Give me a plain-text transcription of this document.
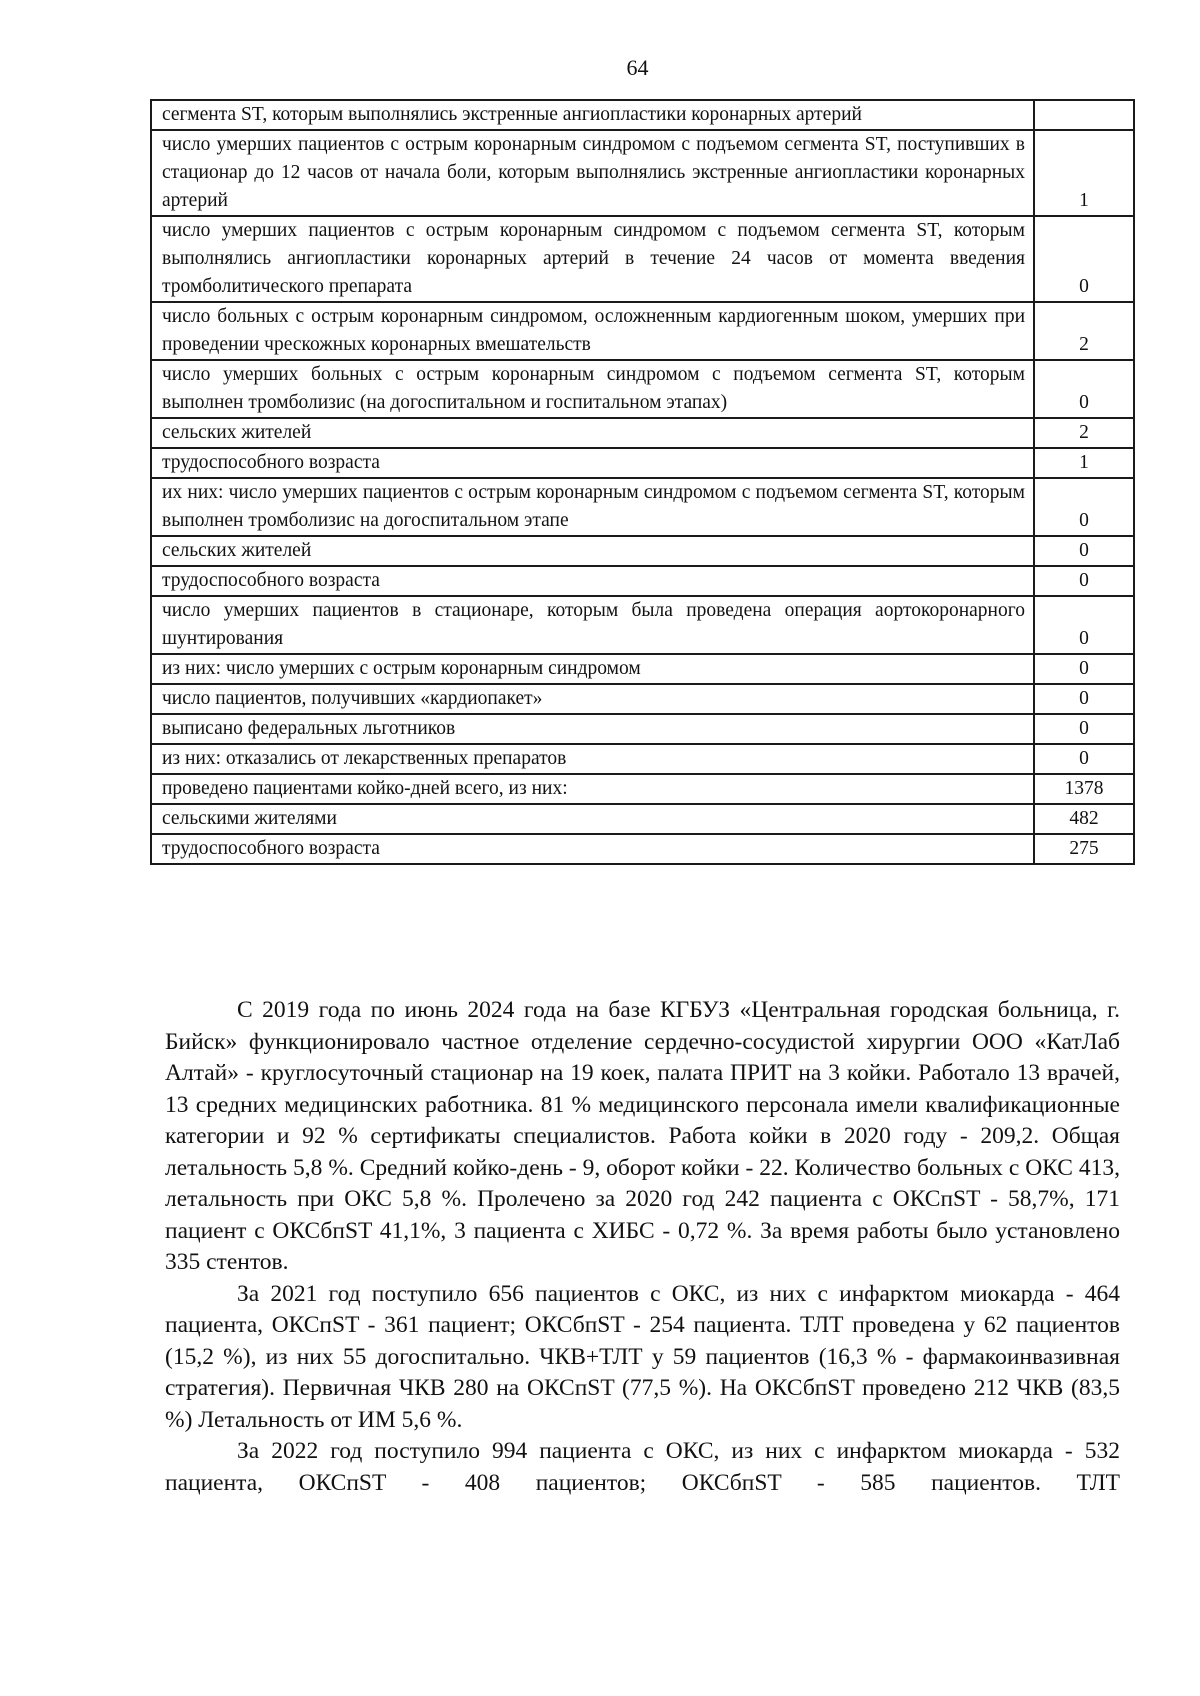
64
сегмента ST, которым выполнялись экстренные ангиопластики коронарных артерий	
число умерших пациентов с острым коронарным синдромом с подъемом сегмента ST, поступивших в стационар до 12 часов от начала боли, которым выполнялись экстренные ангиопластики коронарных артерий	1
число умерших пациентов с острым коронарным синдромом с подъемом сегмента ST, которым выполнялись ангиопластики коронарных артерий в течение 24 часов от момента введения тромболитического препарата	0
число больных с острым коронарным синдромом, осложненным кардиогенным шоком, умерших при проведении чрескожных коронарных вмешательств	2
число умерших больных с острым коронарным синдромом с подъемом сегмента ST, которым выполнен тромболизис (на догоспитальном и госпитальном этапах)	0
сельских жителей	2
трудоспособного возраста	1
их них: число умерших пациентов с острым коронарным синдромом с подъемом сегмента ST, которым выполнен тромболизис на догоспитальном этапе	0
сельских жителей	0
трудоспособного возраста	0
число умерших пациентов в стационаре, которым была проведена операция аортокоронарного шунтирования	0
из них: число умерших с острым коронарным синдромом	0
число пациентов, получивших «кардиопакет»	0
выписано федеральных льготников	0
из них: отказались от лекарственных препаратов	0
проведено пациентами койко-дней всего, из них:	1378
сельскими жителями	482
трудоспособного возраста	275

С 2019 года по июнь 2024 года на базе КГБУЗ «Центральная городская больница, г. Бийск» функционировало частное отделение сердечно-сосудистой хирургии ООО «КатЛаб Алтай» - круглосуточный стационар на 19 коек, палата ПРИТ на 3 койки. Работало 13 врачей, 13 средних медицинских работника. 81 % медицинского персонала имели квалификационные категории и 92 % сертификаты специалистов. Работа койки в 2020 году - 209,2. Общая летальность 5,8 %. Средний койко-день - 9, оборот койки - 22. Количество больных с ОКС 413, летальность при ОКС 5,8 %. Пролечено за 2020 год 242 пациента с ОКСпST - 58,7%, 171 пациент с ОКСбпST 41,1%, 3 пациента с ХИБС - 0,72 %. За время работы было установлено 335 стентов.

За 2021 год поступило 656 пациентов с ОКС, из них с инфарктом миокарда - 464 пациента, ОКСпST - 361 пациент; ОКСбпST - 254 пациента. ТЛТ проведена у 62 пациентов (15,2 %), из них 55 догоспитально. ЧКВ+ТЛТ у 59 пациентов (16,3 % - фармакоинвазивная стратегия). Первичная ЧКВ 280 на ОКСпST (77,5 %). На ОКСбпST проведено 212 ЧКВ (83,5 %) Летальность от ИМ 5,6 %.

За 2022 год поступило 994 пациента с ОКС, из них с инфарктом миокарда - 532 пациента, ОКСпST - 408 пациентов; ОКСбпST - 585 пациентов. ТЛТ
